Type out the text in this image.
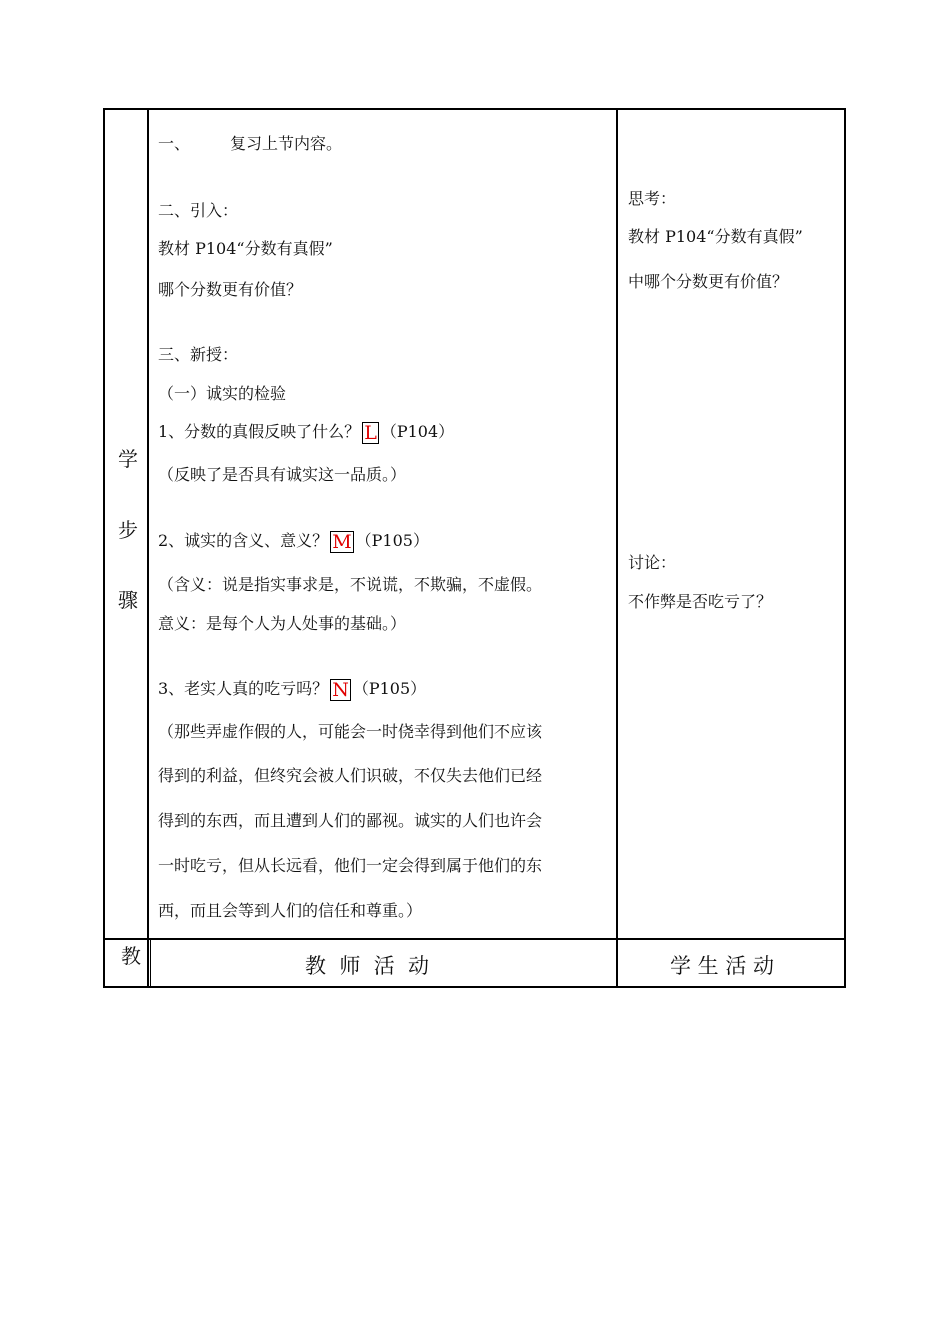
学
步
骤
教
一、 复习上节内容。
二、引入：
教材 P104“分数有真假”
哪个分数更有价值？
三、新授：
（一）诚实的检验
1、分数的真假反映了什么？ L （P104）
（反映了是否具有诚实这一品质。）
2、诚实的含义、意义？ M （P105）
（含义：说是指实事求是，不说谎，不欺骗，不虚假。
意义：是每个人为人处事的基础。）
3、老实人真的吃亏吗？ N （P105）
（那些弄虚作假的人，可能会一时侥幸得到他们不应该
得到的利益，但终究会被人们识破，不仅失去他们已经
得到的东西，而且遭到人们的鄙视。诚实的人们也许会
一时吃亏，但从长远看，他们一定会得到属于他们的东
西，而且会等到人们的信任和尊重。）
思考：
教材 P104“分数有真假”
中哪个分数更有价值？
讨论：
不作弊是否吃亏了？
教  师  活  动	学 生 活 动
